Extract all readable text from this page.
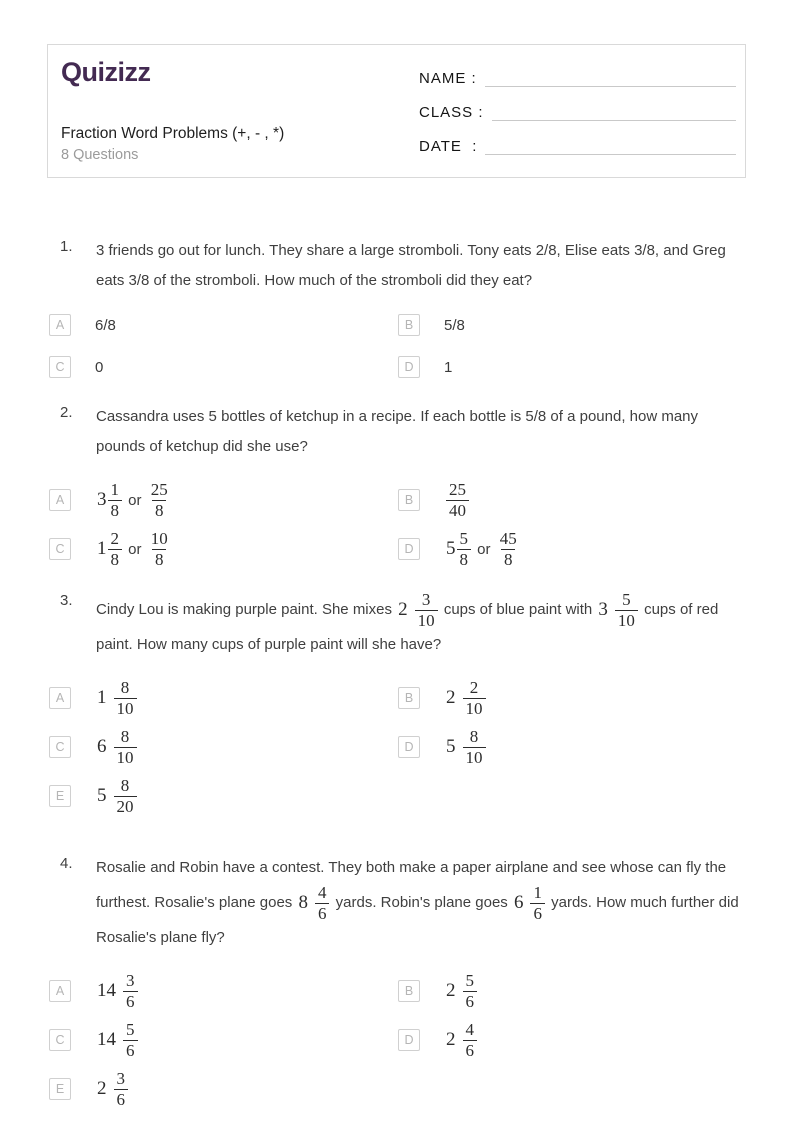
Quizizz
Fraction Word Problems (+, - , *)
8 Questions
NAME :
CLASS :
DATE  :
1.	3 friends go out for lunch. They share a large stromboli. Tony eats 2/8, Elise eats 3/8, and Greg eats 3/8 of the stromboli. How much of the stromboli did they eat?
A	6/8	B	5/8
C	0	D	1
2.	Cassandra uses 5 bottles of ketchup in a recipe. If each bottle is 5/8 of a pound, how many pounds of ketchup did she use?
A	$3 \frac{1}{8}$ or $\frac{25}{8}$	B	$\frac{25}{40}$
C	$1 \frac{2}{8}$ or $\frac{10}{8}$	D	$5 \frac{5}{8}$ or $\frac{45}{8}$
3.
Cindy Lou is making purple paint. She mixes $2 \frac{3}{10}$ cups of blue paint with $3 \frac{5}{10}$ cups of red paint. How many cups of purple paint will she have?
A	$1 \frac{8}{10}$	B	$2 \frac{2}{10}$
C	$6 \frac{8}{10}$	D	$5 \frac{8}{10}$
E	$5 \frac{8}{20}$
4.	Rosalie and Robin have a contest. They both make a paper airplane and see whose can fly the furthest. Rosalie's plane goes $8 \frac{4}{6}$ yards. Robin's plane goes $6 \frac{1}{6}$ yards. How much further did Rosalie's plane fly?
A	$14 \frac{3}{6}$	B	$2 \frac{5}{6}$
C	$14 \frac{5}{6}$	D	$2 \frac{4}{6}$
E	$2 \frac{3}{6}$
